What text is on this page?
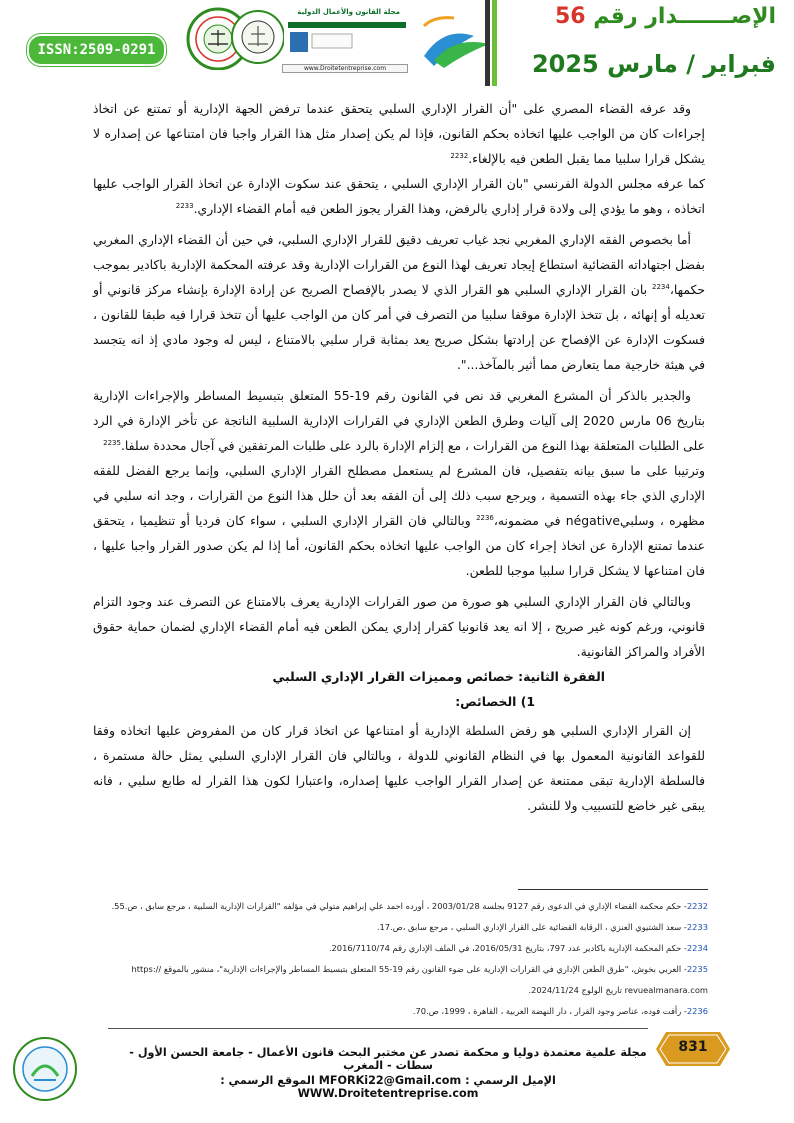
ISSN:2509-0291
مجلة القانون والأعمال الدولية
www.Droitetentreprise.com
الإصـــــــدار رقم 56
فبراير / مارس 2025

وقد عرفه القضاء المصري على "أن القرار الإداري السلبي يتحقق عندما ترفض الجهة الإدارية أو تمتنع عن اتخاذ إجراءات كان من الواجب عليها اتخاذه بحكم القانون، فإذا لم يكن إصدار مثل هذا القرار واجبا فان امتناعها عن إصداره لا يشكل قرارا سلبيا مما يقبل الطعن فيه بالإلغاء.$^{2232}$

كما عرفه مجلس الدولة الفرنسي "بان القرار الإداري السلبي ، يتحقق عند سكوت الإدارة عن اتخاذ القرار الواجب عليها اتخاذه ، وهو ما يؤدي إلى ولادة قرار إداري بالرفض، وهذا القرار يجوز الطعن فيه أمام القضاء الإداري.$^{2233}$

أما بخصوص الفقه الإداري المغربي نجد غياب تعريف دقيق للقرار الإداري السلبي، في حين أن القضاء الإداري المغربي بفضل اجتهاداته القضائية استطاع إيجاد تعريف لهذا النوع من القرارات الإدارية وقد عرفته المحكمة الإدارية باكادير بموجب حكمها،$^{2234}$ بان القرار الإداري السلبي هو القرار الذي لا يصدر بالإفصاح الصريح عن إرادة الإدارة بإنشاء مركز قانوني أو تعديله أو إنهائه ، بل تتخذ الإدارة موقفا سلبيا من التصرف في أمر كان من الواجب عليها أن تتخذ قرارا فيه طبقا للقانون ، فسكوت الإدارة عن الإفصاح عن إرادتها بشكل صريح يعد بمثابة قرار سلبي بالامتناع ، ليس له وجود مادي إذ انه يتجسد في هيئة خارجية مما يتعارض مما أثير بالمآخذ...".

والجدير بالذكر أن المشرع المغربي قد نص في القانون رقم 19-55 المتعلق بتبسيط المساطر والإجراءات الإدارية بتاريخ 06 مارس 2020 إلى آليات وطرق الطعن الإداري في القرارات الإدارية السلبية الناتجة عن تأخر الإدارة في الرد على الطلبات المتعلقة بهذا النوع من القرارات ، مع إلزام الإدارة بالرد على طلبات المرتفقين في آجال محددة سلفا.$^{2235}$

وترتيبا على ما سبق بيانه بتفصيل، فان المشرع لم يستعمل مصطلح القرار الإداري السلبي، وإنما يرجع الفضل للفقه الإداري الذي جاء بهذه التسمية ، ويرجع سبب ذلك إلى أن الفقه بعد أن حلل هذا النوع من القرارات ، وجد انه سلبي في مظهره ، وسلبيnégative في مضمونه،$^{2236}$ وبالتالي فان القرار الإداري السلبي ، سواء كان فرديا أو تنظيميا ، يتحقق عندما تمتنع الإدارة عن اتخاذ إجراء كان من الواجب عليها اتخاذه بحكم القانون، أما إذا لم يكن صدور القرار واجبا عليها ، فان امتناعها لا يشكل قرارا سلبيا موجبا للطعن.

وبالتالي فان القرار الإداري السلبي هو صورة من صور القرارات الإدارية يعرف بالامتناع عن التصرف عند وجود التزام قانوني، ورغم كونه غير صريح ، إلا انه يعد قانونيا كقرار إداري يمكن الطعن فيه أمام القضاء الإداري لضمان حماية حقوق الأفراد والمراكز القانونية.

الفقرة الثانية: خصائص ومميزات القرار الإداري السلبي

1) الخصائص:

إن القرار الإداري السلبي هو رفض السلطة الإدارية أو امتناعها عن اتخاذ قرار كان من المفروض عليها اتخاذه وفقا للقواعد القانونية المعمول بها في النظام القانوني للدولة ، وبالتالي فان القرار الإداري السلبي يمثل حالة مستمرة ، فالسلطة الإدارية تبقى ممتنعة عن إصدار القرار الواجب عليها إصداره، واعتبارا لكون هذا القرار له طابع سلبي ، فانه يبقى غير خاضع للتسبيب ولا للنشر.

2232- حكم محكمة القضاء الإداري في الدعوى رقم 9127 بجلسة 2003/01/28 ، أورده احمد علي إبراهيم متولي في مؤلفه "القرارات الإدارية السلبية ، مرجع سابق ، ص.55.

2233- سعد الشتيوي العنزي ، الرقابة القضائية على القرار الإداري السلبي ، مرجع سابق ،ص.17.

2234- حكم المحكمة الإدارية باكادير عدد 797، بتاريخ 2016/05/31، في الملف الإداري رقم 2016/7110/74.

2235- العربي بخوش، "طرق الطعن الإداري في القرارات الإدارية على ضوء القانون رقم 19-55 المتعلق بتبسيط المساطر والإجراءات الإدارية"، منشور بالموقع https:// revuealmanara.com تاريخ الولوج 2024/11/24.

2236- رأفت فوده، عناصر وجود القرار ، دار النهضة العربية ، القاهرة ، 1999، ص.70.

831
مجلة علمية معتمدة دوليا و محكمة تصدر عن مختبر البحث قانون الأعمال - جامعة الحسن الأول - سطات - المغرب
الإميل الرسمي : MFORKi22@Gmail.com الموقع الرسمي : WWW.Droitetentreprise.com
